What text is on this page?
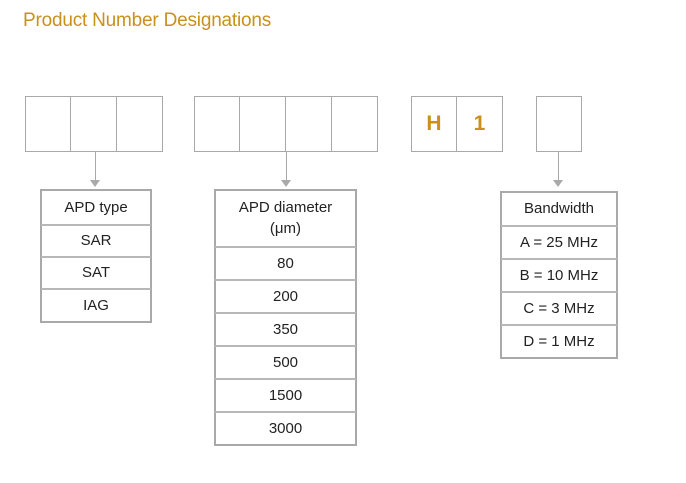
Product Number Designations
H	1
APD type
SAR
SAT
IAG
APD diameter
(μm)

80
200
350
500
1500
3000
Bandwidth
A = 25 MHz
B = 10 MHz
C = 3 MHz
D = 1 MHz
